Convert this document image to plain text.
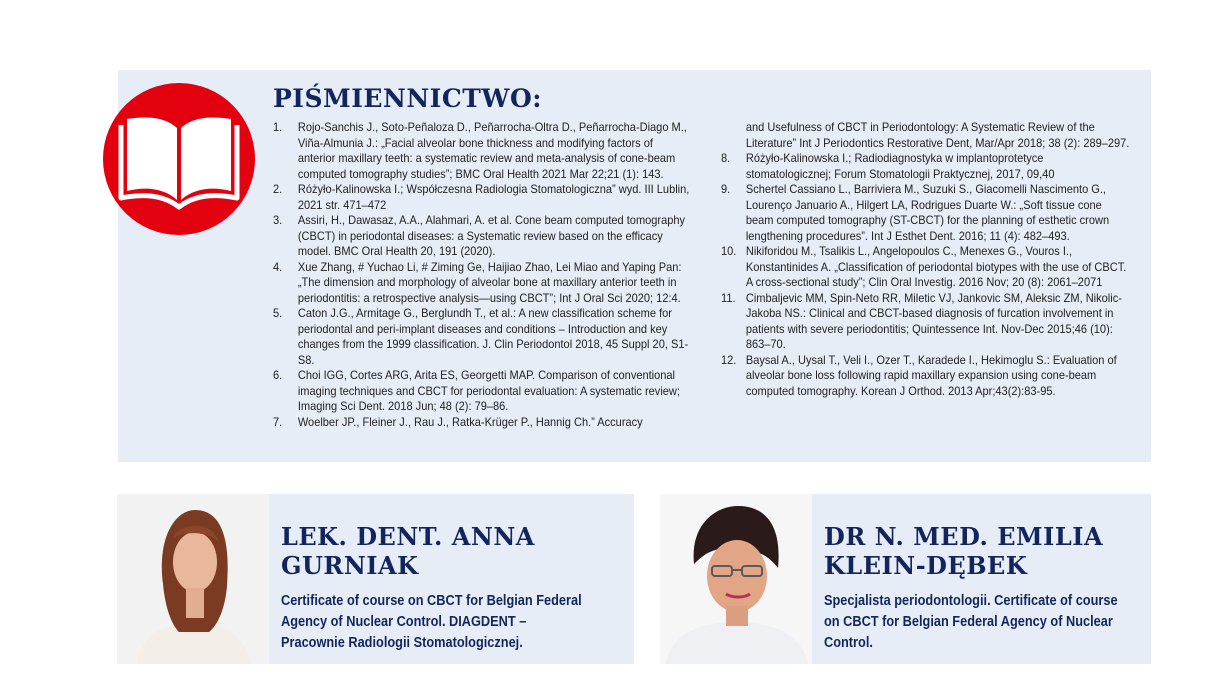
PIŚMIENNICTWO:
1. Rojo-Sanchis J., Soto-Peñaloza D., Peñarrocha-Oltra D., Peñarrocha-Diago M., Viña-Almunia J.: „Facial alveolar bone thickness and modifying factors of anterior maxillary teeth: a systematic review and meta-analysis of cone-beam computed tomography studies”; BMC Oral Health 2021 Mar 22;21 (1): 143.
2. Różyło-Kalinowska I.; Współczesna Radiologia Stomatologiczna” wyd. III Lublin, 2021 str. 471–472
3. Assiri, H., Dawasaz, A.A., Alahmari, A. et al. Cone beam computed tomography (CBCT) in periodontal diseases: a Systematic review based on the efficacy model. BMC Oral Health 20, 191 (2020).
4. Xue Zhang, # Yuchao Li, # Ziming Ge, Haijiao Zhao, Lei Miao and Yaping Pan: „The dimension and morphology of alveolar bone at maxillary anterior teeth in periodontitis: a retrospective analysis—using CBCT”; Int J Oral Sci 2020; 12:4.
5. Caton J.G., Armitage G., Berglundh T., et al.: A new classification scheme for periodontal and peri-implant diseases and conditions – Introduction and key changes from the 1999 classification. J. Clin Periodontol 2018, 45 Suppl 20, S1-S8.
6. Choi IGG, Cortes ARG, Arita ES, Georgetti MAP. Comparison of conventional imaging techniques and CBCT for periodontal evaluation: A systematic review; Imaging Sci Dent. 2018 Jun; 48 (2): 79–86.
7. Woelber JP., Fleiner J., Rau J., Ratka-Krüger P., Hannig Ch.” Accuracy
and Usefulness of CBCT in Periodontology: A Systematic Review of the Literature” Int J Periodontics Restorative Dent, Mar/Apr 2018; 38 (2): 289–297.
8. Różyło-Kalinowska I.; Radiodiagnostyka w implantoprotetyce stomatologicznej; Forum Stomatologii Praktycznej, 2017, 09,40
9. Schertel Cassiano L., Barriviera M., Suzuki S., Giacomelli Nascimento G., Lourenço Januario A., Hilgert LA, Rodrigues Duarte W.: „Soft tissue cone beam computed tomography (ST-CBCT) for the planning of esthetic crown lengthening procedures”. Int J Esthet Dent. 2016; 11 (4): 482–493.
10. Nikiforidou M., Tsalikis L., Angelopoulos C., Menexes G., Vouros I., Konstantinides A. „Classification of periodontal biotypes with the use of CBCT. A cross-sectional study”; Clin Oral Investig. 2016 Nov; 20 (8): 2061–2071
11. Cimbaljevic MM, Spin-Neto RR, Miletic VJ, Jankovic SM, Aleksic ZM, Nikolic-Jakoba NS.: Clinical and CBCT-based diagnosis of furcation involvement in patients with severe periodontitis; Quintessence Int. Nov-Dec 2015;46 (10): 863–70.
12. Baysal A., Uysal T., Veli I., Ozer T., Karadede I., Hekimoglu S.: Evaluation of alveolar bone loss following rapid maxillary expansion using cone-beam computed tomography. Korean J Orthod. 2013 Apr;43(2):83-95.
LEK. DENT. ANNA GURNIAK

Certificate of course on CBCT for Belgian Federal Agency of Nuclear Control. DIAGDENT – Pracownie Radiologii Stomatologicznej.

DR N. MED. EMILIA KLEIN-DĘBEK

Specjalista periodontologii. Certificate of course on CBCT for Belgian Federal Agency of Nuclear Control.
